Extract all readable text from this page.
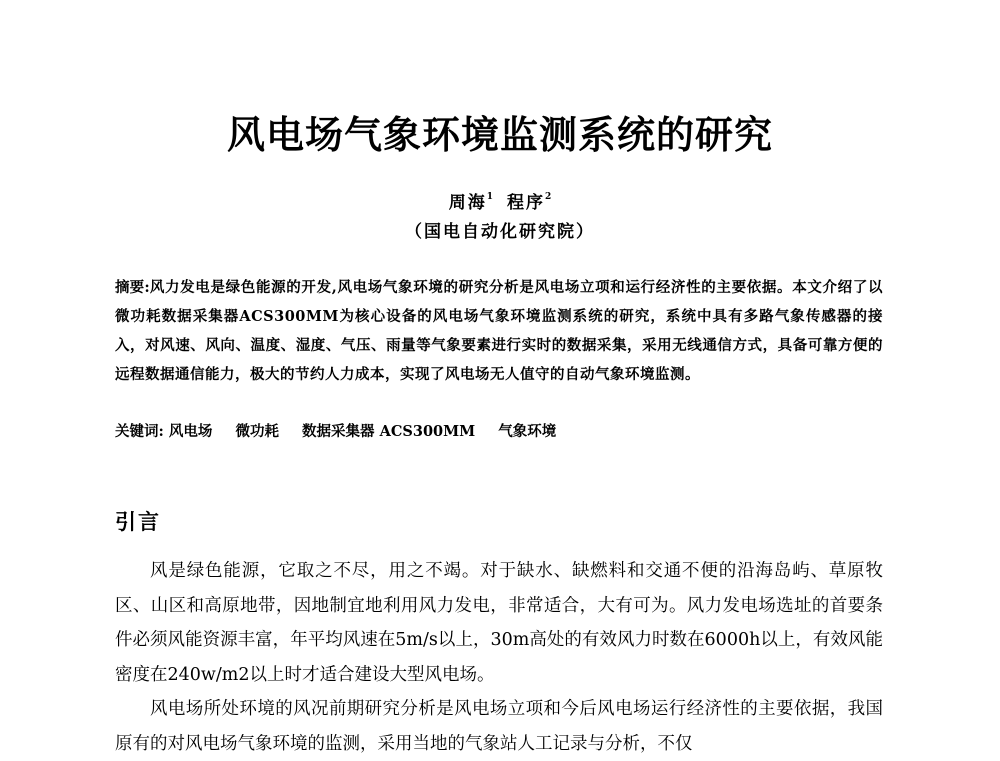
风电场气象环境监测系统的研究
周海$^1$ 程序$^2$
（国电自动化研究院）

摘要:风力发电是绿色能源的开发,风电场气象环境的研究分析是风电场立项和运行经济性的主要依据。本文介绍了以微功耗数据采集器ACS300MM为核心设备的风电场气象环境监测系统的研究，系统中具有多路气象传感器的接入，对风速、风向、温度、湿度、气压、雨量等气象要素进行实时的数据采集，采用无线通信方式，具备可靠方便的远程数据通信能力，极大的节约人力成本，实现了风电场无人值守的自动气象环境监测。

关键词: 风电场 微功耗 数据采集器 ACS300MM 气象环境

引言

风是绿色能源，它取之不尽，用之不竭。对于缺水、缺燃料和交通不便的沿海岛屿、草原牧区、山区和高原地带，因地制宜地利用风力发电，非常适合，大有可为。风力发电场选址的首要条件必须风能资源丰富，年平均风速在5m/s以上，30m高处的有效风力时数在6000h以上，有效风能密度在240w/m2以上时才适合建设大型风电场。

风电场所处环境的风况前期研究分析是风电场立项和今后风电场运行经济性的主要依据，我国原有的对风电场气象环境的监测，采用当地的气象站人工记录与分析，不仅
